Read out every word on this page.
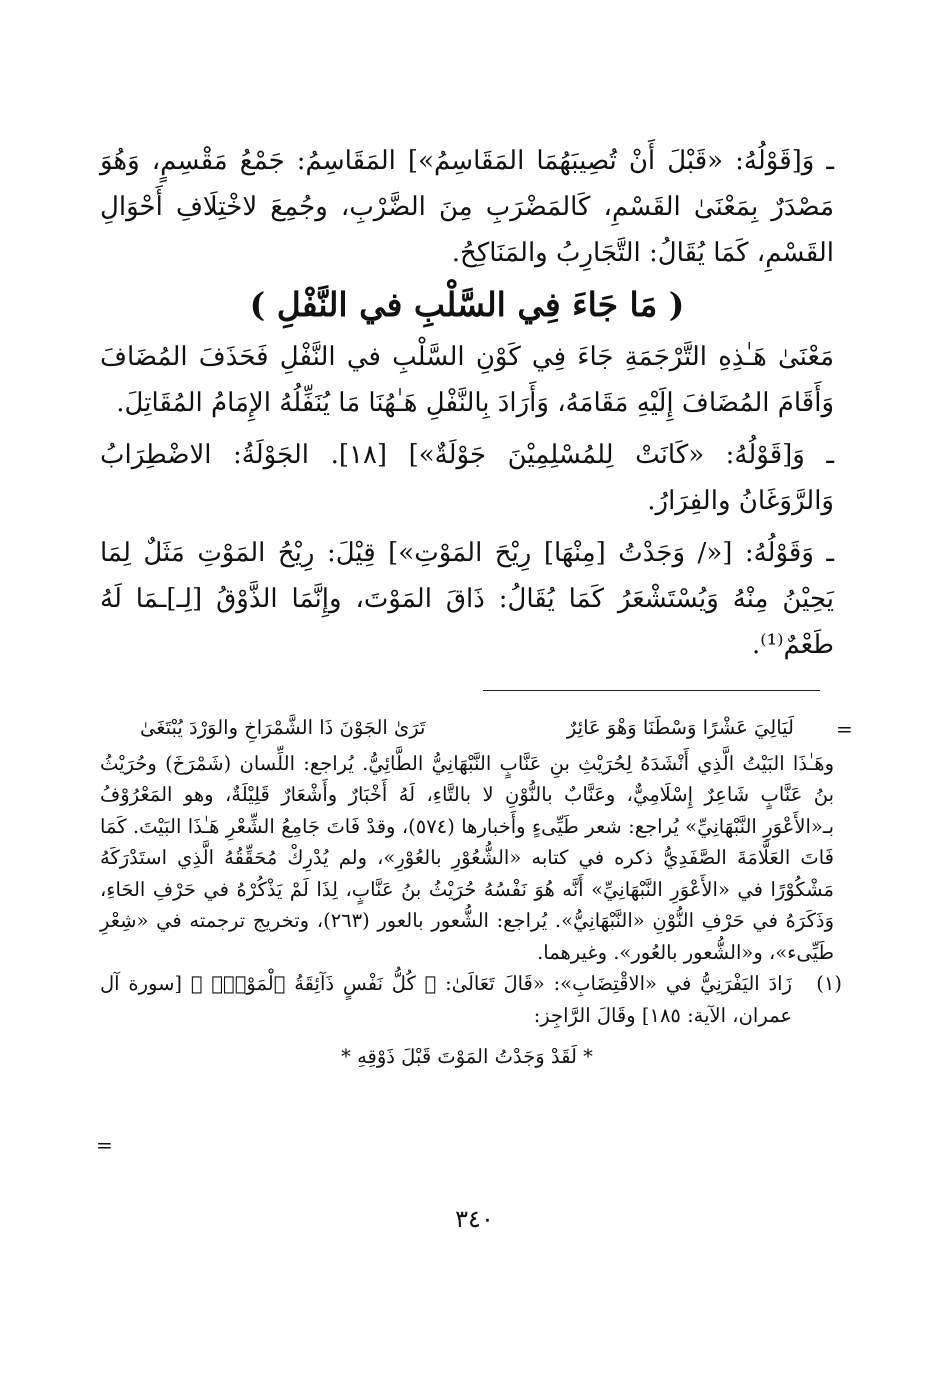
ـ وَ[قَوْلُهُ: «قَبْلَ أَنْ تُصِيبَهُمَا المَقَاسِمُ»] المَقَاسِمُ: جَمْعُ مَقْسِمٍ، وَهُوَ مَصْدَرٌ بِمَعْنَىٰ القَسْمِ، كَالمَضْرَبِ مِنَ الضَّرْبِ، وجُمِعَ لاخْتِلَافِ أَحْوَالِ القَسْمِ، كَمَا يُقَالُ: التَّجَارِبُ والمَنَاكِحُ.

( مَا جَاءَ فِي السَّلْبِ في النَّفْلِ )

مَعْنَىٰ هَـٰذِهِ التَّرْجَمَةِ جَاءَ فِي كَوْنِ السَّلْبِ في النَّفْلِ فَحَذَفَ المُضَافَ وَأَقَامَ المُضَافَ إِلَيْهِ مَقَامَهُ، وَأَرَادَ بِالنَّفْلِ هَـٰهُنَا مَا يُنَفِّلُهُ الإِمَامُ المُقَاتِلَ.

ـ وَ[قَوْلُهُ: «كَانَتْ لِلمُسْلِمِيْنَ جَوْلَةٌ»] [١٨]. الجَوْلَةُ: الاضْطِرَابُ وَالرَّوَغَانُ والفِرَارُ.

ـ وَقَوْلُهُ: [«/ وَجَدْتُ [مِنْهَا] رِيْحَ المَوْتِ»] قِيْلَ: رِيْحُ المَوْتِ مَثَلٌ لِمَا يَحِيْنُ مِنْهُ وَيُسْتَشْعَرُ كَمَا يُقَالُ: ذَاقَ المَوْتَ، وإِنَّمَا الذَّوْقُ [لِـ]ـمَا لَهُ طَعْمٌ⁽¹⁾.

=
لَيَالِيَ عَشْرًا وَسْطَنَا وَهْوَ عَائِرٌ
تَرَىٰ الجَوْنَ ذَا الشَّمْرَاخِ والوَرْدَ يُبْتَغَىٰ

وهَـٰذَا البَيْتُ الَّذِي أَنْشَدَهُ لِحُرَيْثِ بنِ عَنَّابٍ النَّبْهَانِيُّ الطَّائِيُّ. يُراجع: اللِّسان (شَمْرَخَ) وحُرَيْثُ بنُ عَنَّابٍ شَاعِرٌ إِسْلَامِيٌّ، وعَنَّابٌ بالنُّوْنِ لا بالتَّاءِ، لَهُ أَخْبَارٌ وأَشْعَارٌ قَلِيْلَةٌ، وهو المَعْرُوْفُ بـ«الأَعْوَرِ النَّبْهَانِيِّ» يُراجع: شعر طَيِّىءٍ وأَخبارها (٥٧٤)، وقدْ فَاتَ جَامِعُ الشِّعْرِ هَـٰذَا البَيْتَ. كَمَا فَاتَ العَلَّامَةَ الصَّفَدِيُّ ذكره في كتابه «الشُّعُوْرِ بالعُوْرِ»، ولم يُدْرِكْ مُحَقِّقُهُ الَّذِي استَدْرَكَهُ مَشْكُوْرًا في «الأَعْوَرِ النَّبْهَانِيِّ» أَنَّه هُوَ نَفْسُهُ حُرَيْثُ بنُ عَنَّابٍ، لِذَا لَمْ يَذْكُرْهُ في حَرْفِ الحَاءِ، وَذَكَرَهُ في حَرْفِ النُّوْنِ «النَّبْهَانِيُّ». يُراجع: الشُّعور بالعور (٢٦٣)، وتخريج ترجمته في «شِعْرِ طَيِّىء»، و«الشُّعور بالعُور». وغيرهما.

(١)
زَادَ اليَفْرَنِيُّ في «الاقْتِضَابِ»: «قَالَ تَعَالَىٰ: ﴿ كُلُّ نَفْسٍ ذَآئِقَةُ ٱلْمَوْتِۗ ﴾ [سورة آل عمران، الآية: ١٨٥] وقَالَ الرَّاجِز:

* لَقَدْ وَجَدْتُ المَوْتَ قَبْلَ ذَوْقِهِ *
=
٣٤٠
